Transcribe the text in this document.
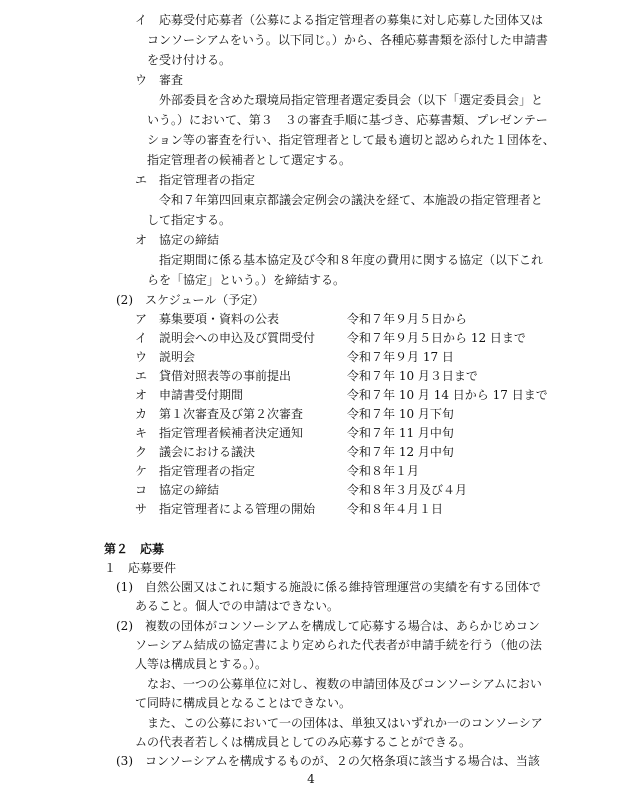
イ　応募受付応募者（公募による指定管理者の募集に対し応募した団体又は
コンソーシアムをいう。以下同じ。）から、各種応募書類を添付した申請書
を受け付ける。
ウ　審査
外部委員を含めた環境局指定管理者選定委員会（以下「選定委員会」と
いう。）において、第３　３の審査手順に基づき、応募書類、プレゼンテー
ション等の審査を行い、指定管理者として最も適切と認められた１団体を、
指定管理者の候補者として選定する。
エ　指定管理者の指定
令和７年第四回東京都議会定例会の議決を経て、本施設の指定管理者と
して指定する。
オ　協定の締結
指定期間に係る基本協定及び令和８年度の費用に関する協定（以下これ
らを「協定」という。）を締結する。
(2)　スケジュール（予定）
ア　募集要項・資料の公表	令和７年９月５日から
イ　説明会への申込及び質問受付	令和７年９月５日から 12 日まで
ウ　説明会	令和７年９月 17 日
エ　貸借対照表等の事前提出	令和７年 10 月３日まで
オ　申請書受付期間	令和７年 10 月 14 日から 17 日まで
カ　第１次審査及び第２次審査	令和７年 10 月下旬
キ　指定管理者候補者決定通知	令和７年 11 月中旬
ク　議会における議決	令和７年 12 月中旬
ケ　指定管理者の指定	令和８年１月
コ　協定の締結	令和８年３月及び４月
サ　指定管理者による管理の開始	令和８年４月１日
第２　応募
１　応募要件
(1)　自然公園又はこれに類する施設に係る維持管理運営の実績を有する団体で
あること。個人での申請はできない。
(2)　複数の団体がコンソーシアムを構成して応募する場合は、あらかじめコン
ソーシアム結成の協定書により定められた代表者が申請手続を行う（他の法
人等は構成員とする。）。
なお、一つの公募単位に対し、複数の申請団体及びコンソーシアムにおい
て同時に構成員となることはできない。
また、この公募において一の団体は、単独又はいずれか一のコンソーシア
ムの代表者若しくは構成員としてのみ応募することができる。
(3)　コンソーシアムを構成するものが、２の欠格条項に該当する場合は、当該
4
